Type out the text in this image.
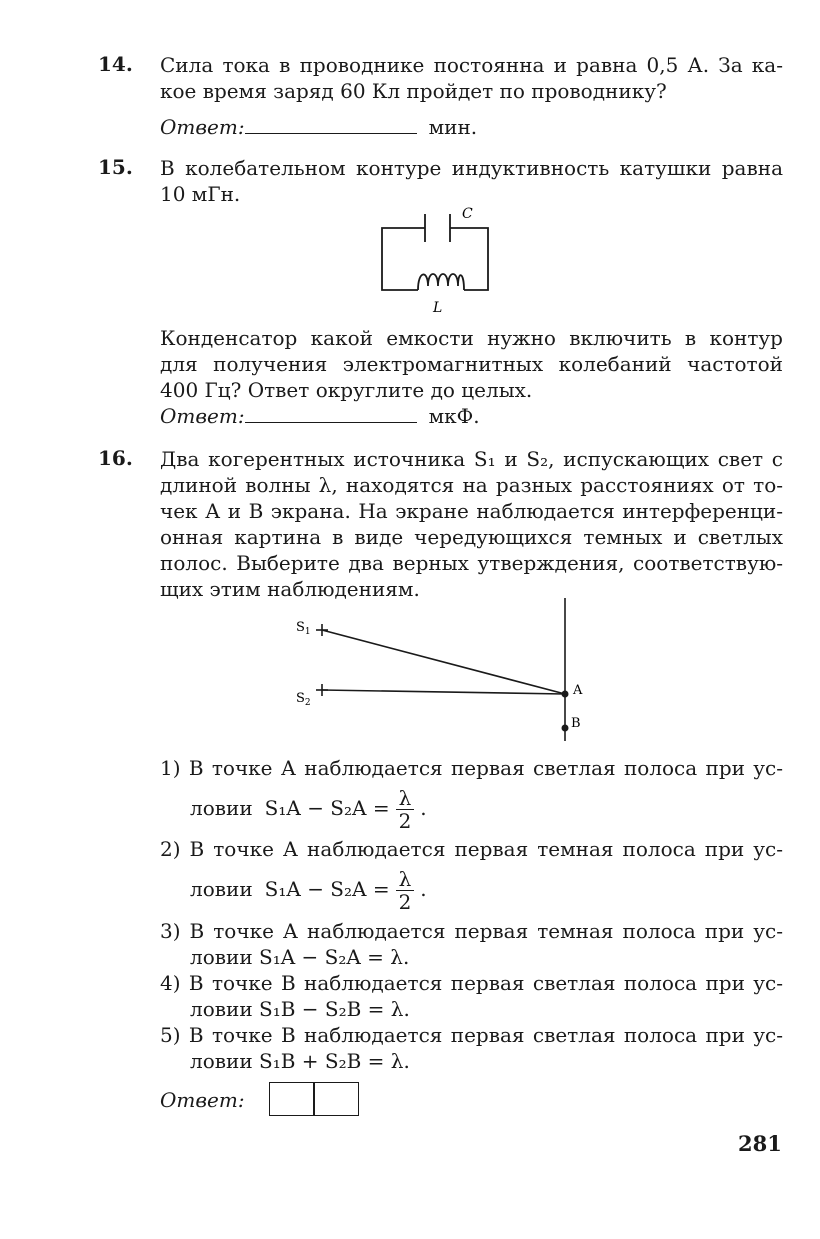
14. Сила тока в проводнике постоянна и равна 0,5 А. За ка-
кое время заряд 60 Кл пройдет по проводнику?
Ответ:	мин.
15. В колебательном контуре индуктивность катушки равна
10 мГн.
C
L
Конденсатор какой емкости нужно включить в контур
для получения электромагнитных колебаний частотой
400 Гц? Ответ округлите до целых.
Ответ:	мкФ.
16. Два когерентных источника S₁ и S₂, испускающих свет с
длиной волны λ, находятся на разных расстояниях от то-
чек А и В экрана. На экране наблюдается интерференци-
онная картина в виде чередующихся темных и светлых
полос. Выберите два верных утверждения, соответствую-
щих этим наблюдениям.
$S_1$
$S_2$
A
B
1) В точке А наблюдается первая светлая полоса при ус-
ловии $S_1A - S_2A = \frac{\lambda}{2}$ .
2) В точке А наблюдается первая темная полоса при ус-
ловии $S_1A - S_2A = \frac{\lambda}{2}$ .
3) В точке А наблюдается первая темная полоса при ус-
ловии S₁A − S₂A = λ.
4) В точке В наблюдается первая светлая полоса при ус-
ловии S₁B − S₂B = λ.
5) В точке В наблюдается первая светлая полоса при ус-
ловии S₁B + S₂B = λ.
Ответ:
281
